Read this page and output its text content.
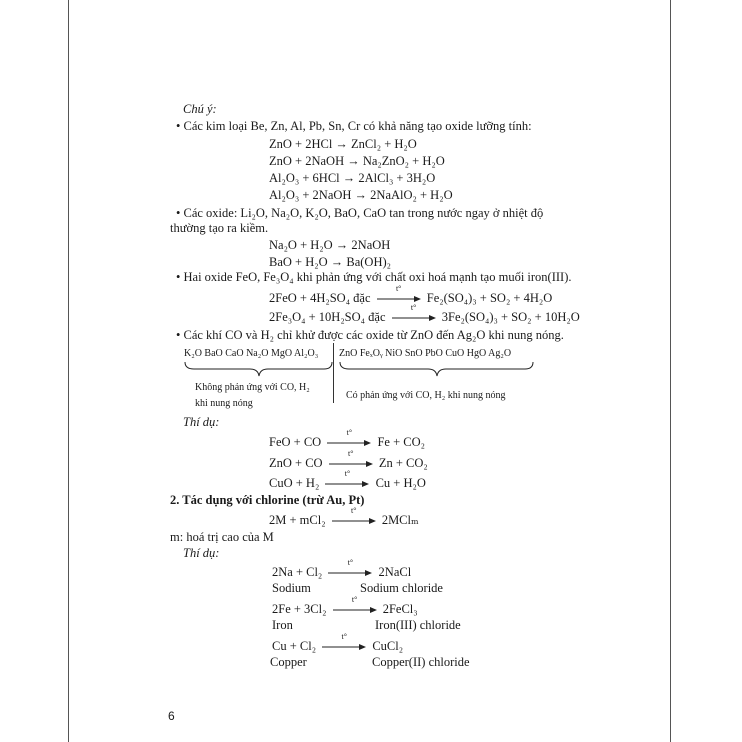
Chú ý:
• Các kim loại Be, Zn, Al, Pb, Sn, Cr có khả năng tạo oxide lưỡng tính:
ZnO + 2HCl → ZnCl₂ + H₂O
ZnO + 2NaOH → Na₂ZnO₂ + H₂O
Al₂O₃ + 6HCl → 2AlCl₃ + 3H₂O
Al₂O₃ + 2NaOH → 2NaAlO₂ + H₂O
• Các oxide: Li₂O, Na₂O, K₂O, BaO, CaO tan trong nước ngay ở nhiệt độ
thường tạo ra kiềm.
Na₂O + H₂O → 2NaOH
BaO + H₂O → Ba(OH)₂
• Hai oxide FeO, Fe₃O₄ khi phản ứng với chất oxi hoá mạnh tạo muối iron(III).
2FeO + 4H₂SO₄ đặc
t°
Fe₂(SO₄)₃ + SO₂ + 4H₂O
2Fe₃O₄ + 10H₂SO₄ đặc
t°
3Fe₂(SO₄)₃ + SO₂ + 10H₂O
• Các khí CO và H₂ chỉ khử được các oxide từ ZnO đến Ag₂O khi nung nóng.
K₂O BaO CaO Na₂O MgO Al₂O₃ ZnO FeₓOᵧ NiO SnO PbO CuO HgO Ag₂O
Không phản ứng với CO, H₂
khi nung nóng
Có phản ứng với CO, H₂ khi nung nóng
Thí dụ:
FeO + CO
t°
Fe + CO₂
ZnO + CO
t°
Zn + CO₂
CuO + H₂
t°
Cu + H₂O
2. Tác dụng với chlorine (trừ Au, Pt)
2M + mCl₂
t°
2MClₘ
m: hoá trị cao của M
Thí dụ:
2Na + Cl₂
t°
2NaCl
Sodium	Sodium chloride
2Fe + 3Cl₂
t°
2FeCl₃
Iron	Iron(III) chloride
Cu + Cl₂
t°
CuCl₂
Copper	Copper(II) chloride
6
